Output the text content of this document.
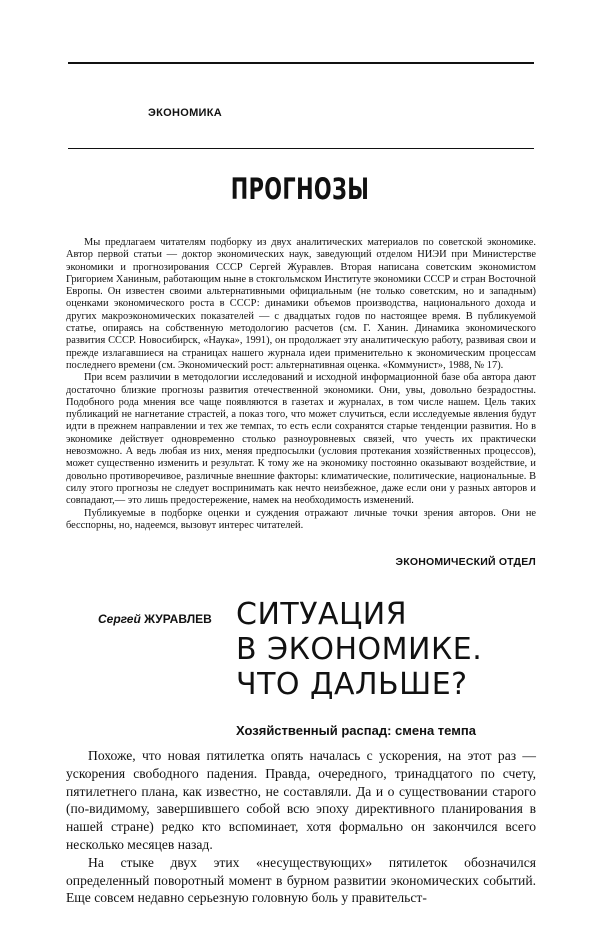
ЭКОНОМИКА
ПРОГНОЗЫ

Мы предлагаем читателям подборку из двух аналитических материалов по советской экономике. Автор первой статьи — доктор экономических наук, заведующий отделом НИЭИ при Министерстве экономики и прогнозирования СССР Сергей Журавлев. Вторая написана советским экономистом Григорием Ханиным, работающим ныне в стокгольмском Институте экономики СССР и стран Восточной Европы. Он известен своими альтернативными официальным (не только советским, но и западным) оценками экономического роста в СССР: динамики объемов производства, национального дохода и других макроэкономических показателей — с двадцатых годов по настоящее время. В публикуемой статье, опираясь на собственную методологию расчетов (см. Г. Ханин. Динамика экономического развития СССР. Новосибирск, «Наука», 1991), он продолжает эту аналитическую работу, развивая свои и прежде излагавшиеся на страницах нашего журнала идеи применительно к экономическим процессам последнего времени (см. Экономический рост: альтернативная оценка. «Коммунист», 1988, № 17).

При всем различии в методологии исследований и исходной информационной базе оба автора дают достаточно близкие прогнозы развития отечественной экономики. Они, увы, довольно безрадостны. Подобного рода мнения все чаще появляются в газетах и журналах, в том числе нашем. Цель таких публикаций не нагнетание страстей, а показ того, что может случиться, если исследуемые явления будут идти в прежнем направлении и тех же темпах, то есть если сохранятся старые тенденции развития. Но в экономике действует одновременно столько разноуровневых связей, что учесть их практически невозможно. А ведь любая из них, меняя предпосылки (условия протекания хозяйственных процессов), может существенно изменить и результат. К тому же на экономику постоянно оказывают воздействие, и довольно противоречивое, различные внешние факторы: климатические, политические, национальные. В силу этого прогнозы не следует воспринимать как нечто неизбежное, даже если они у разных авторов и совпадают,— это лишь предостережение, намек на необходимость изменений.

Публикуемые в подборке оценки и суждения отражают личные точки зрения авторов. Они не бесспорны, но, надеемся, вызовут интерес читателей.

ЭКОНОМИЧЕСКИЙ ОТДЕЛ
Сергей ЖУРАВЛЕВ СИТУАЦИЯ
В ЭКОНОМИКЕ.
ЧТО ДАЛЬШЕ?
Хозяйственный распад: смена темпа

Похоже, что новая пятилетка опять началась с ускорения, на этот раз — ускорения свободного падения. Правда, очередного, тринадцатого по счету, пятилетнего плана, как известно, не составляли. Да и о существовании старого (по-видимому, завершившего собой всю эпоху директивного планирования в нашей стране) редко кто вспоминает, хотя формально он закончился всего несколько месяцев назад.

На стыке двух этих «несуществующих» пятилеток обозначился определенный поворотный момент в бурном развитии экономических событий. Еще совсем недавно серьезную головную боль у правительст-
